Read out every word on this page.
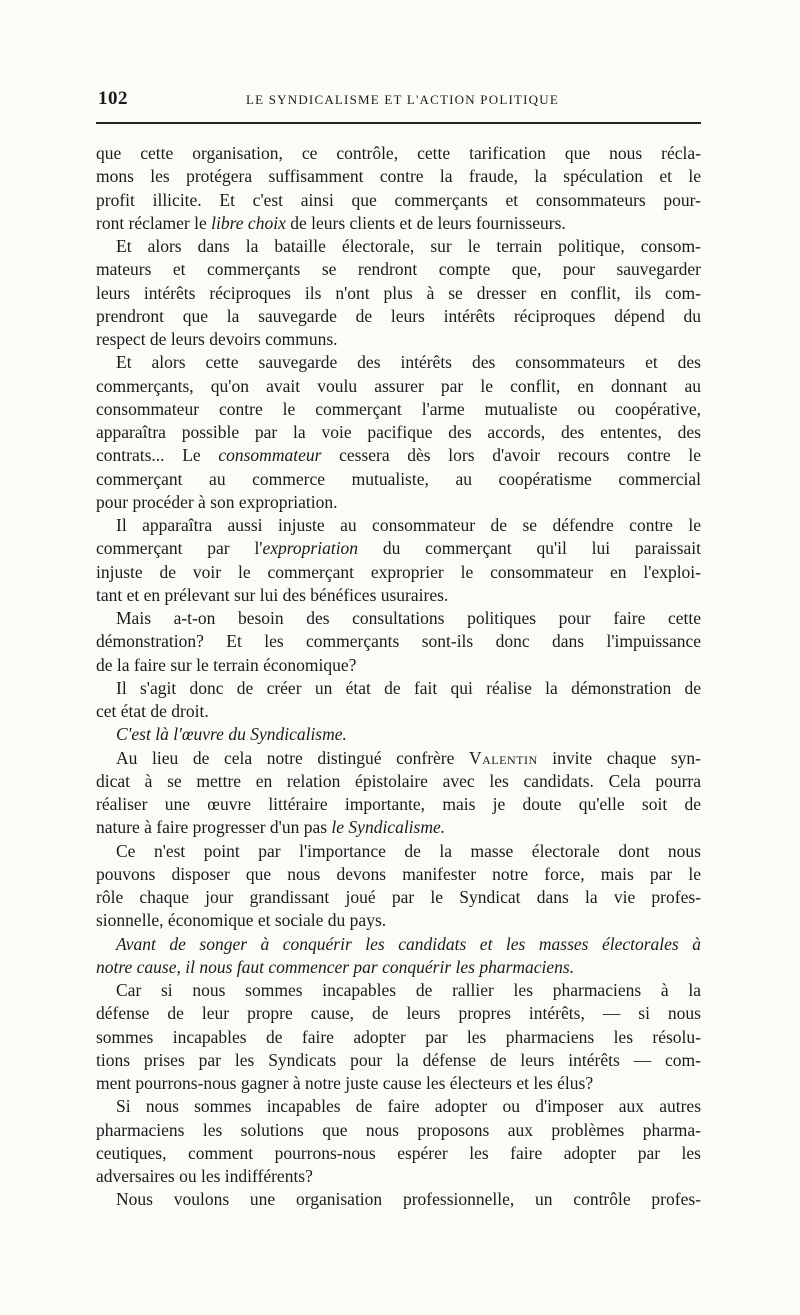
102	LE SYNDICALISME ET L'ACTION POLITIQUE
que cette organisation, ce contrôle, cette tarification que nous récla-
mons les protégera suffisamment contre la fraude, la spéculation et le
profit illicite. Et c'est ainsi que commerçants et consommateurs pour-
ront réclamer le libre choix de leurs clients et de leurs fournisseurs.
Et alors dans la bataille électorale, sur le terrain politique, consom-
mateurs et commerçants se rendront compte que, pour sauvegarder
leurs intérêts réciproques ils n'ont plus à se dresser en conflit, ils com-
prendront que la sauvegarde de leurs intérêts réciproques dépend du
respect de leurs devoirs communs.
Et alors cette sauvegarde des intérêts des consommateurs et des
commerçants, qu'on avait voulu assurer par le conflit, en donnant au
consommateur contre le commerçant l'arme mutualiste ou coopérative,
apparaîtra possible par la voie pacifique des accords, des ententes, des
contrats... Le consommateur cessera dès lors d'avoir recours contre le
commerçant au commerce mutualiste, au coopératisme commercial
pour procéder à son expropriation.
Il apparaîtra aussi injuste au consommateur de se défendre contre le
commerçant par l'expropriation du commerçant qu'il lui paraissait
injuste de voir le commerçant exproprier le consommateur en l'exploi-
tant et en prélevant sur lui des bénéfices usuraires.
Mais a-t-on besoin des consultations politiques pour faire cette
démonstration? Et les commerçants sont-ils donc dans l'impuissance
de la faire sur le terrain économique?
Il s'agit donc de créer un état de fait qui réalise la démonstration de
cet état de droit.
C'est là l'œuvre du Syndicalisme.
Au lieu de cela notre distingué confrère Valentin invite chaque syn-
dicat à se mettre en relation épistolaire avec les candidats. Cela pourra
réaliser une œuvre littéraire importante, mais je doute qu'elle soit de
nature à faire progresser d'un pas le Syndicalisme.
Ce n'est point par l'importance de la masse électorale dont nous
pouvons disposer que nous devons manifester notre force, mais par le
rôle chaque jour grandissant joué par le Syndicat dans la vie profes-
sionnelle, économique et sociale du pays.
Avant de songer à conquérir les candidats et les masses électorales à
notre cause, il nous faut commencer par conquérir les pharmaciens.
Car si nous sommes incapables de rallier les pharmaciens à la
défense de leur propre cause, de leurs propres intérêts, — si nous
sommes incapables de faire adopter par les pharmaciens les résolu-
tions prises par les Syndicats pour la défense de leurs intérêts — com-
ment pourrons-nous gagner à notre juste cause les électeurs et les élus?
Si nous sommes incapables de faire adopter ou d'imposer aux autres
pharmaciens les solutions que nous proposons aux problèmes pharma-
ceutiques, comment pourrons-nous espérer les faire adopter par les
adversaires ou les indifférents?
Nous voulons une organisation professionnelle, un contrôle profes-
